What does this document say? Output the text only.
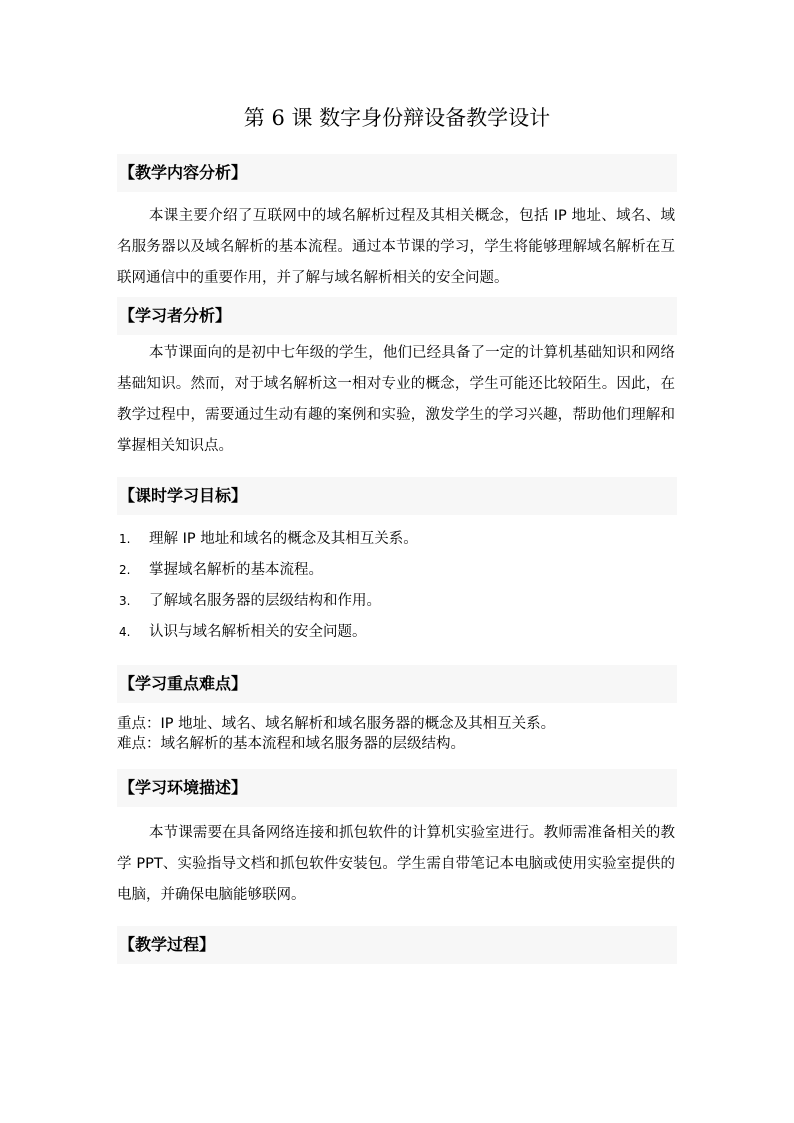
第 6 课 数字身份辩设备教学设计
【教学内容分析】

本课主要介绍了互联网中的域名解析过程及其相关概念，包括 IP 地址、域名、域名服务器以及域名解析的基本流程。通过本节课的学习，学生将能够理解域名解析在互联网通信中的重要作用，并了解与域名解析相关的安全问题。

【学习者分析】

本节课面向的是初中七年级的学生，他们已经具备了一定的计算机基础知识和网络基础知识。然而，对于域名解析这一相对专业的概念，学生可能还比较陌生。因此，在教学过程中，需要通过生动有趣的案例和实验，激发学生的学习兴趣，帮助他们理解和掌握相关知识点。

【课时学习目标】
1. 理解 IP 地址和域名的概念及其相互关系。
2. 掌握域名解析的基本流程。
3. 了解域名服务器的层级结构和作用。
4. 认识与域名解析相关的安全问题。
【学习重点难点】
重点：IP 地址、域名、域名解析和域名服务器的概念及其相互关系。
难点：域名解析的基本流程和域名服务器的层级结构。
【学习环境描述】

本节课需要在具备网络连接和抓包软件的计算机实验室进行。教师需准备相关的教学 PPT、实验指导文档和抓包软件安装包。学生需自带笔记本电脑或使用实验室提供的电脑，并确保电脑能够联网。

【教学过程】
